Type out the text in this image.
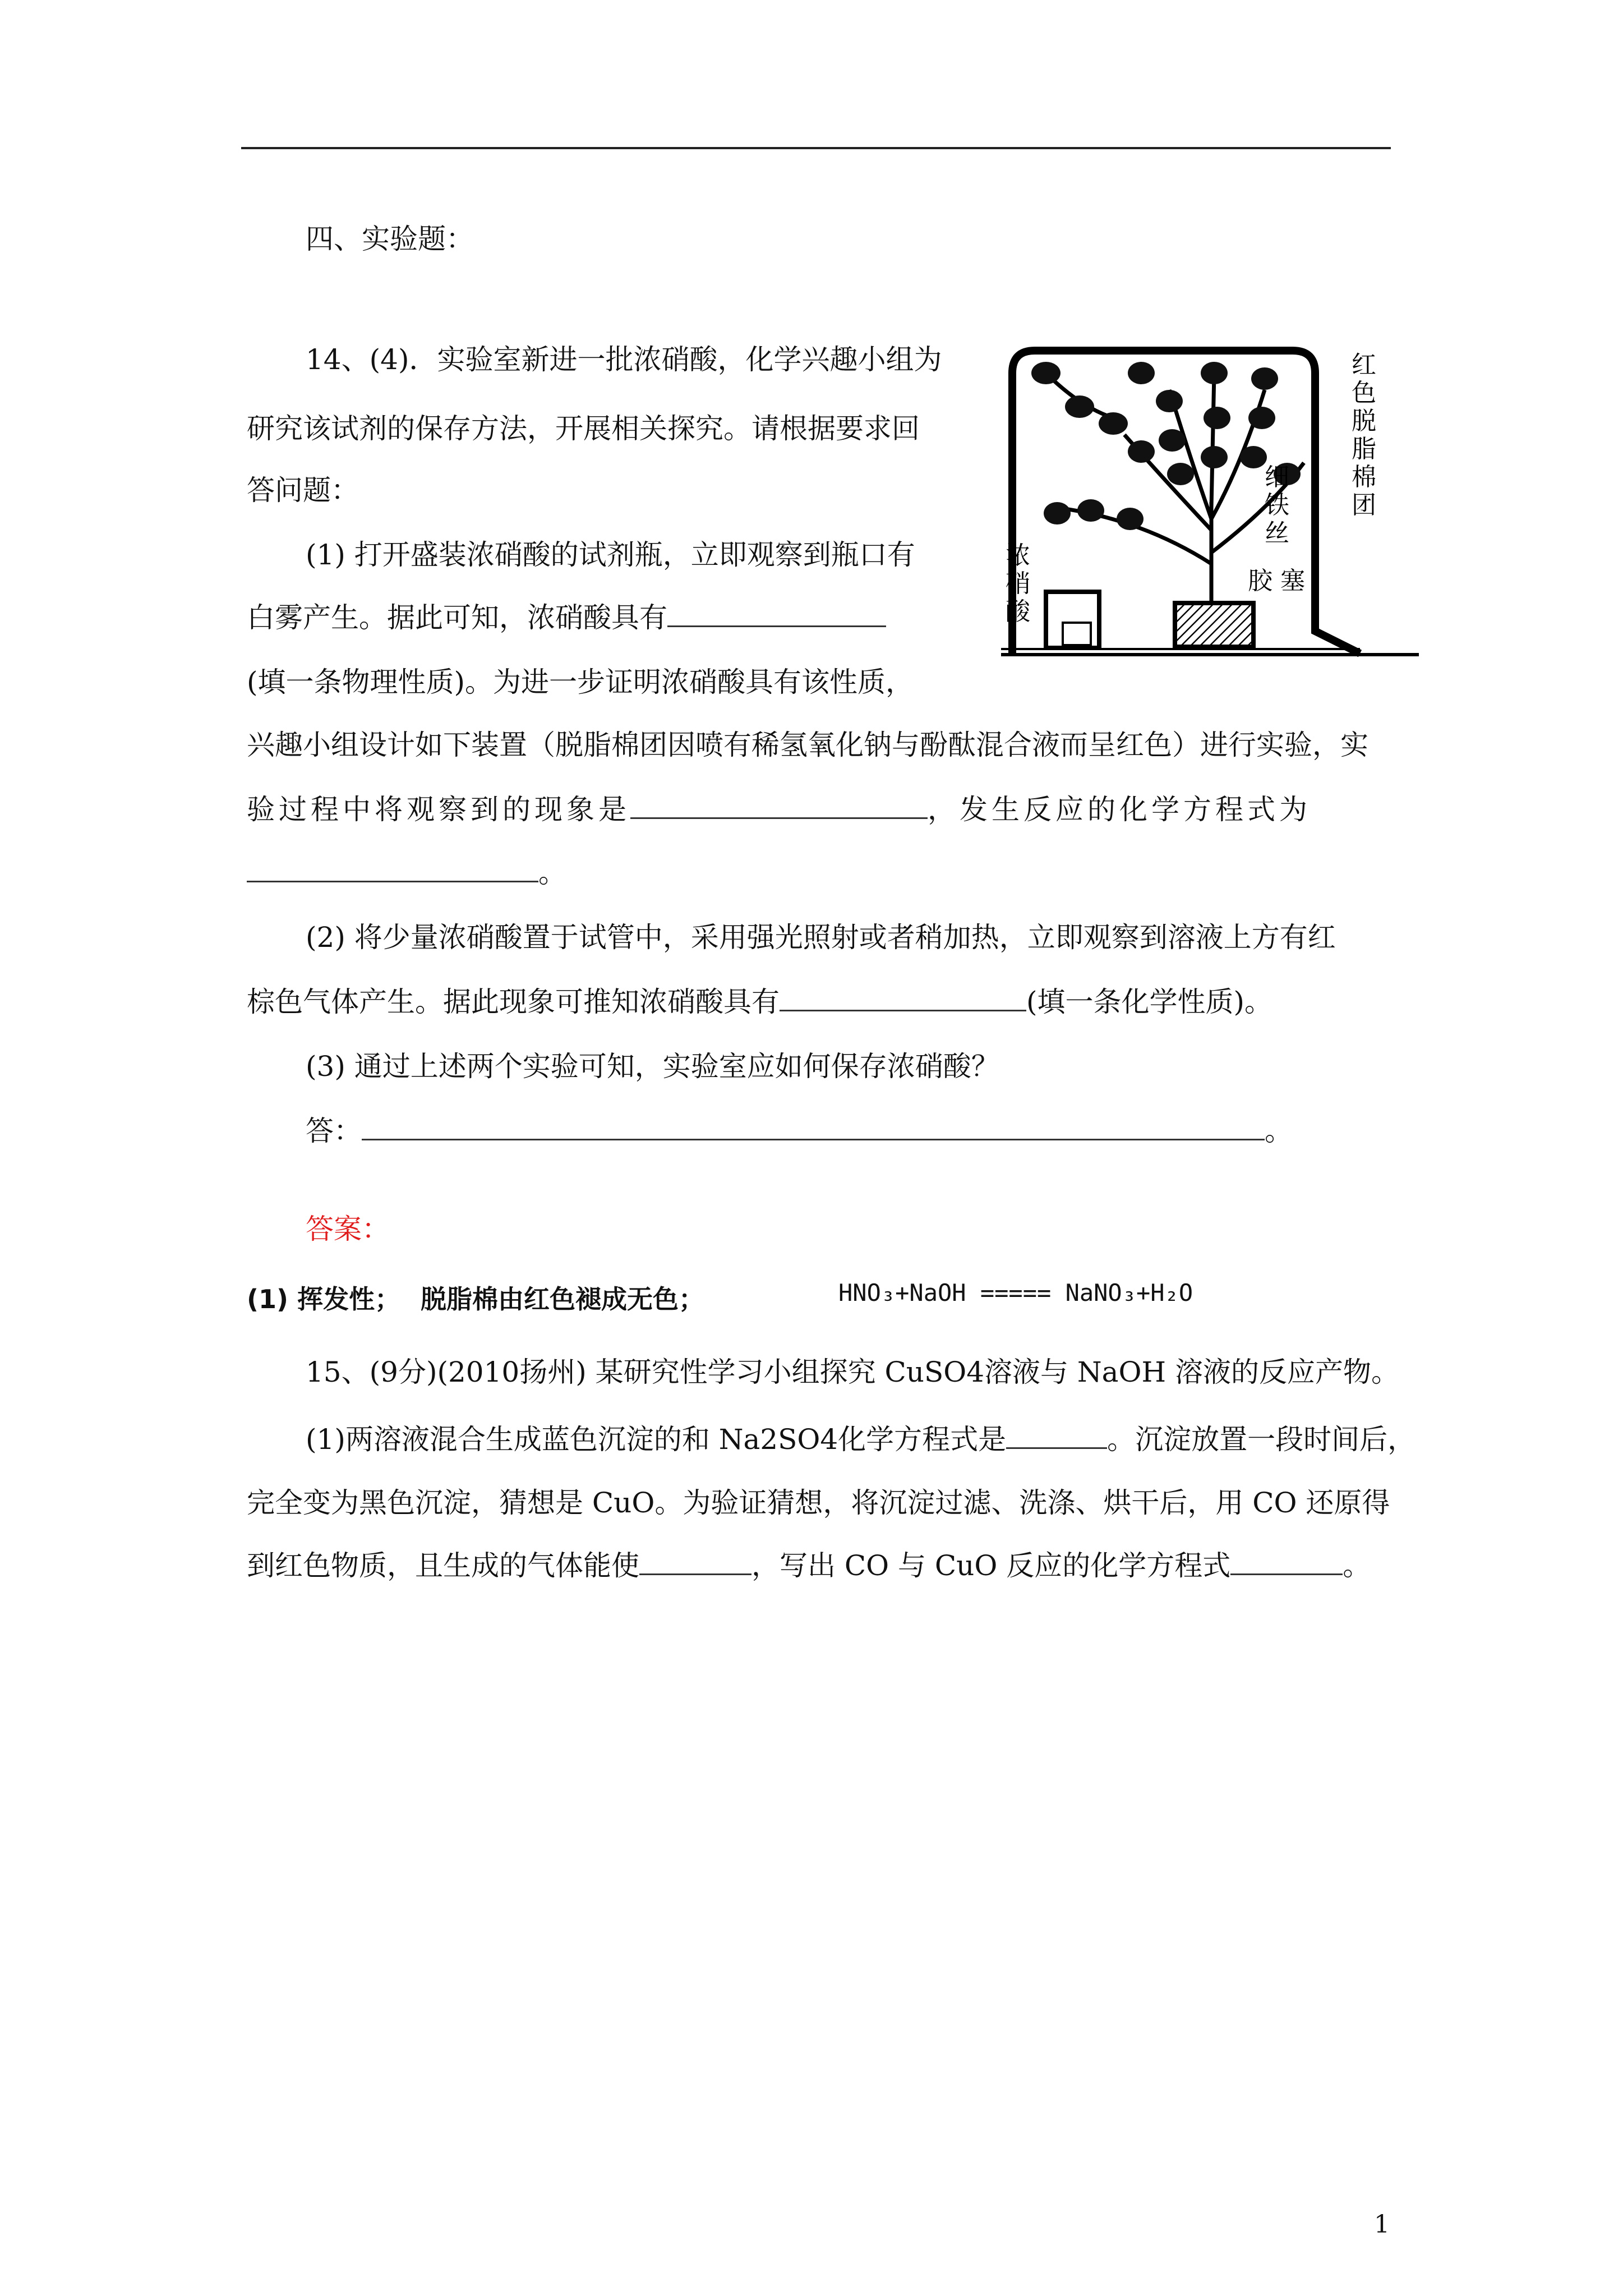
四、实验题：
14、(4)．实验室新进一批浓硝酸，化学兴趣小组为
研究该试剂的保存方法，开展相关探究。请根据要求回
答问题：
(1) 打开盛装浓硝酸的试剂瓶，立即观察到瓶口有
白雾产生。据此可知，浓硝酸具有
(填一条物理性质)。为进一步证明浓硝酸具有该性质，
兴趣小组设计如下装置（脱脂棉团因喷有稀氢氧化钠与酚酞混合液而呈红色）进行实验，实
验过程中将观察到的现象是	，发生反应的化学方程式为
。
(2) 将少量浓硝酸置于试管中，采用强光照射或者稍加热，立即观察到溶液上方有红
棕色气体产生。据此现象可推知浓硝酸具有	(填一条化学性质)。
(3) 通过上述两个实验可知，实验室应如何保存浓硝酸？
答：	。
答案：
(1) 挥发性； 脱脂棉由红色褪成无色；	HNO₃+NaOH ===== NaNO₃+H₂O
15、(9分)(2010扬州) 某研究性学习小组探究 CuSO4溶液与 NaOH 溶液的反应产物。
(1)两溶液混合生成蓝色沉淀的和 Na2SO4化学方程式是	。沉淀放置一段时间后，
完全变为黑色沉淀，猜想是 CuO。为验证猜想，将沉淀过滤、洗涤、烘干后，用 CO 还原得
到红色物质，且生成的气体能使	，写出 CO 与 CuO 反应的化学方程式	。
红
色
脱
脂
棉
团
细
铁
丝
浓
硝
酸
胶 塞
1
